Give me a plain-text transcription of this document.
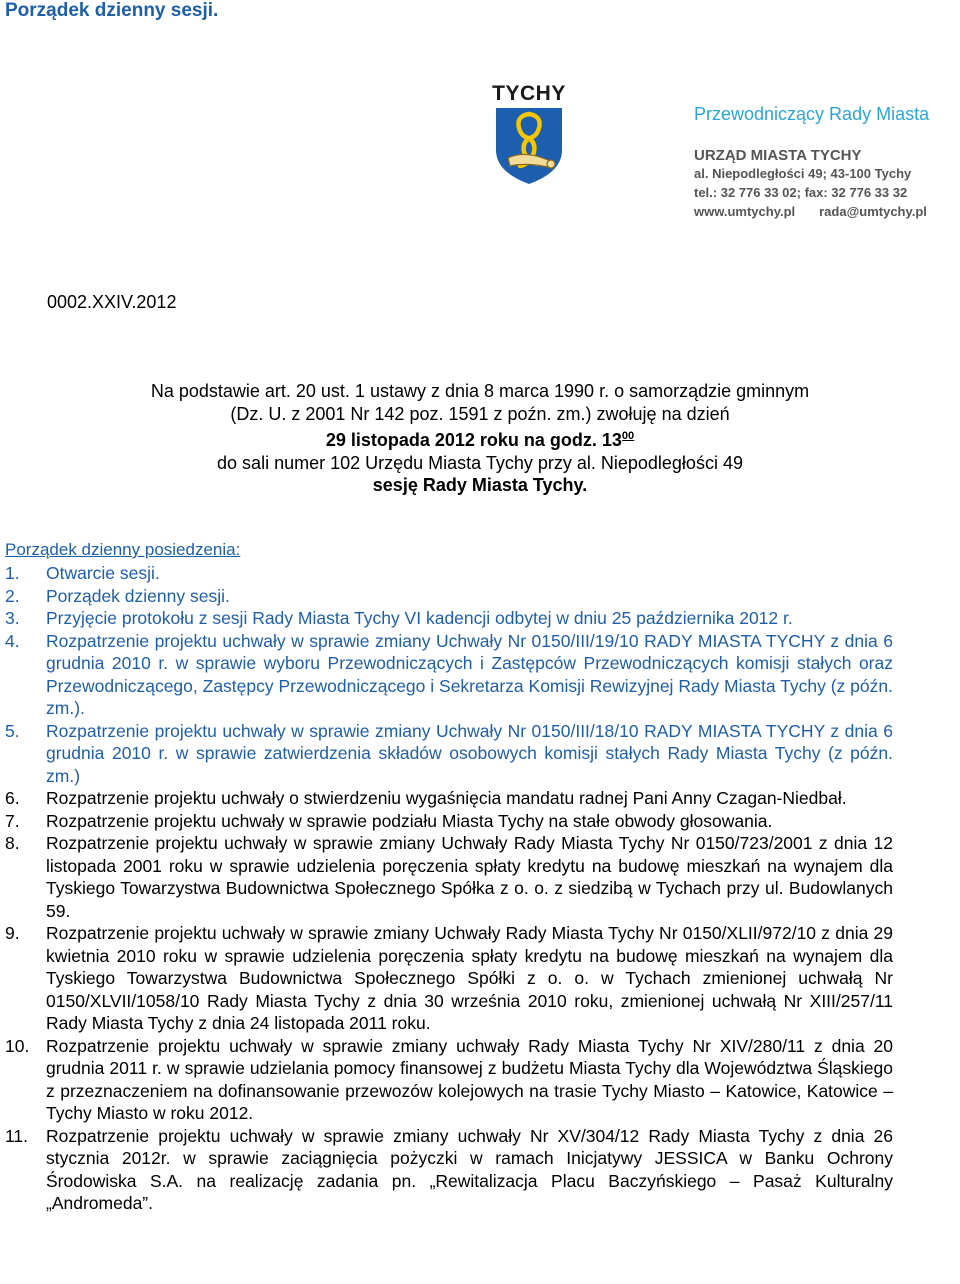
Porządek dzienny sesji.
TYCHY
Przewodniczący Rady Miasta
URZĄD MIASTA TYCHY
al. Niepodległości 49; 43-100 Tychy
tel.: 32 776 33 02; fax: 32 776 33 32
www.umtychy.pl rada@umtychy.pl
0002.XXIV.2012
Na podstawie art. 20 ust. 1 ustawy z dnia 8 marca 1990 r. o samorządzie gminnym
(Dz. U. z 2001 Nr 142 poz. 1591 z poźn. zm.) zwołuję na dzień
29 listopada 2012 roku na godz. $13^{00}$
do sali numer 102 Urzędu Miasta Tychy przy al. Niepodległości 49
sesję Rady Miasta Tychy.
Porządek dzienny posiedzenia:
1.	Otwarcie sesji.
2.	Porządek dzienny sesji.
3.	Przyjęcie protokołu z sesji Rady Miasta Tychy VI kadencji odbytej w dniu 25 października 2012 r.
4.	Rozpatrzenie projektu uchwały w sprawie zmiany Uchwały Nr 0150/III/19/10 RADY MIASTA TYCHY z dnia 6 grudnia 2010 r. w sprawie wyboru Przewodniczących i Zastępców Przewodniczących komisji stałych oraz Przewodniczącego, Zastępcy Przewodniczącego i Sekretarza Komisji Rewizyjnej Rady Miasta Tychy (z późn. zm.).
5.	Rozpatrzenie projektu uchwały w sprawie zmiany Uchwały Nr 0150/III/18/10 RADY MIASTA TYCHY z dnia 6 grudnia 2010 r. w sprawie zatwierdzenia składów osobowych komisji stałych Rady Miasta Tychy (z późn. zm.)
6.	Rozpatrzenie projektu uchwały o stwierdzeniu wygaśnięcia mandatu radnej Pani Anny Czagan-Niedbał.
7.	Rozpatrzenie projektu uchwały w sprawie podziału Miasta Tychy na stałe obwody głosowania.
8.	Rozpatrzenie projektu uchwały w sprawie zmiany Uchwały Rady Miasta Tychy Nr 0150/723/2001 z dnia 12 listopada 2001 roku w sprawie udzielenia poręczenia spłaty kredytu na budowę mieszkań na wynajem dla Tyskiego Towarzystwa Budownictwa Społecznego Spółka z o. o. z siedzibą w Tychach przy ul. Budowlanych 59.
9.	Rozpatrzenie projektu uchwały w sprawie zmiany Uchwały Rady Miasta Tychy Nr 0150/XLII/972/10 z dnia 29 kwietnia 2010 roku w sprawie udzielenia poręczenia spłaty kredytu na budowę mieszkań na wynajem dla Tyskiego Towarzystwa Budownictwa Społecznego Spółki z o. o. w Tychach zmienionej uchwałą Nr 0150/XLVII/1058/10 Rady Miasta Tychy z dnia 30 września 2010 roku, zmienionej uchwałą Nr XIII/257/11 Rady Miasta Tychy z dnia 24 listopada 2011 roku.
10. Rozpatrzenie projektu uchwały w sprawie zmiany uchwały Rady Miasta Tychy Nr XIV/280/11 z dnia 20 grudnia 2011 r. w sprawie udzielania pomocy finansowej z budżetu Miasta Tychy dla Województwa Śląskiego z przeznaczeniem na dofinansowanie przewozów kolejowych na trasie Tychy Miasto – Katowice, Katowice – Tychy Miasto w roku 2012.
11.	Rozpatrzenie projektu uchwały w sprawie zmiany uchwały Nr XV/304/12 Rady Miasta Tychy z dnia 26 stycznia 2012r. w sprawie zaciągnięcia pożyczki w ramach Inicjatywy JESSICA w Banku Ochrony Środowiska S.A. na realizację zadania pn. „Rewitalizacja Placu Baczyńskiego – Pasaż Kulturalny „Andromeda”.
